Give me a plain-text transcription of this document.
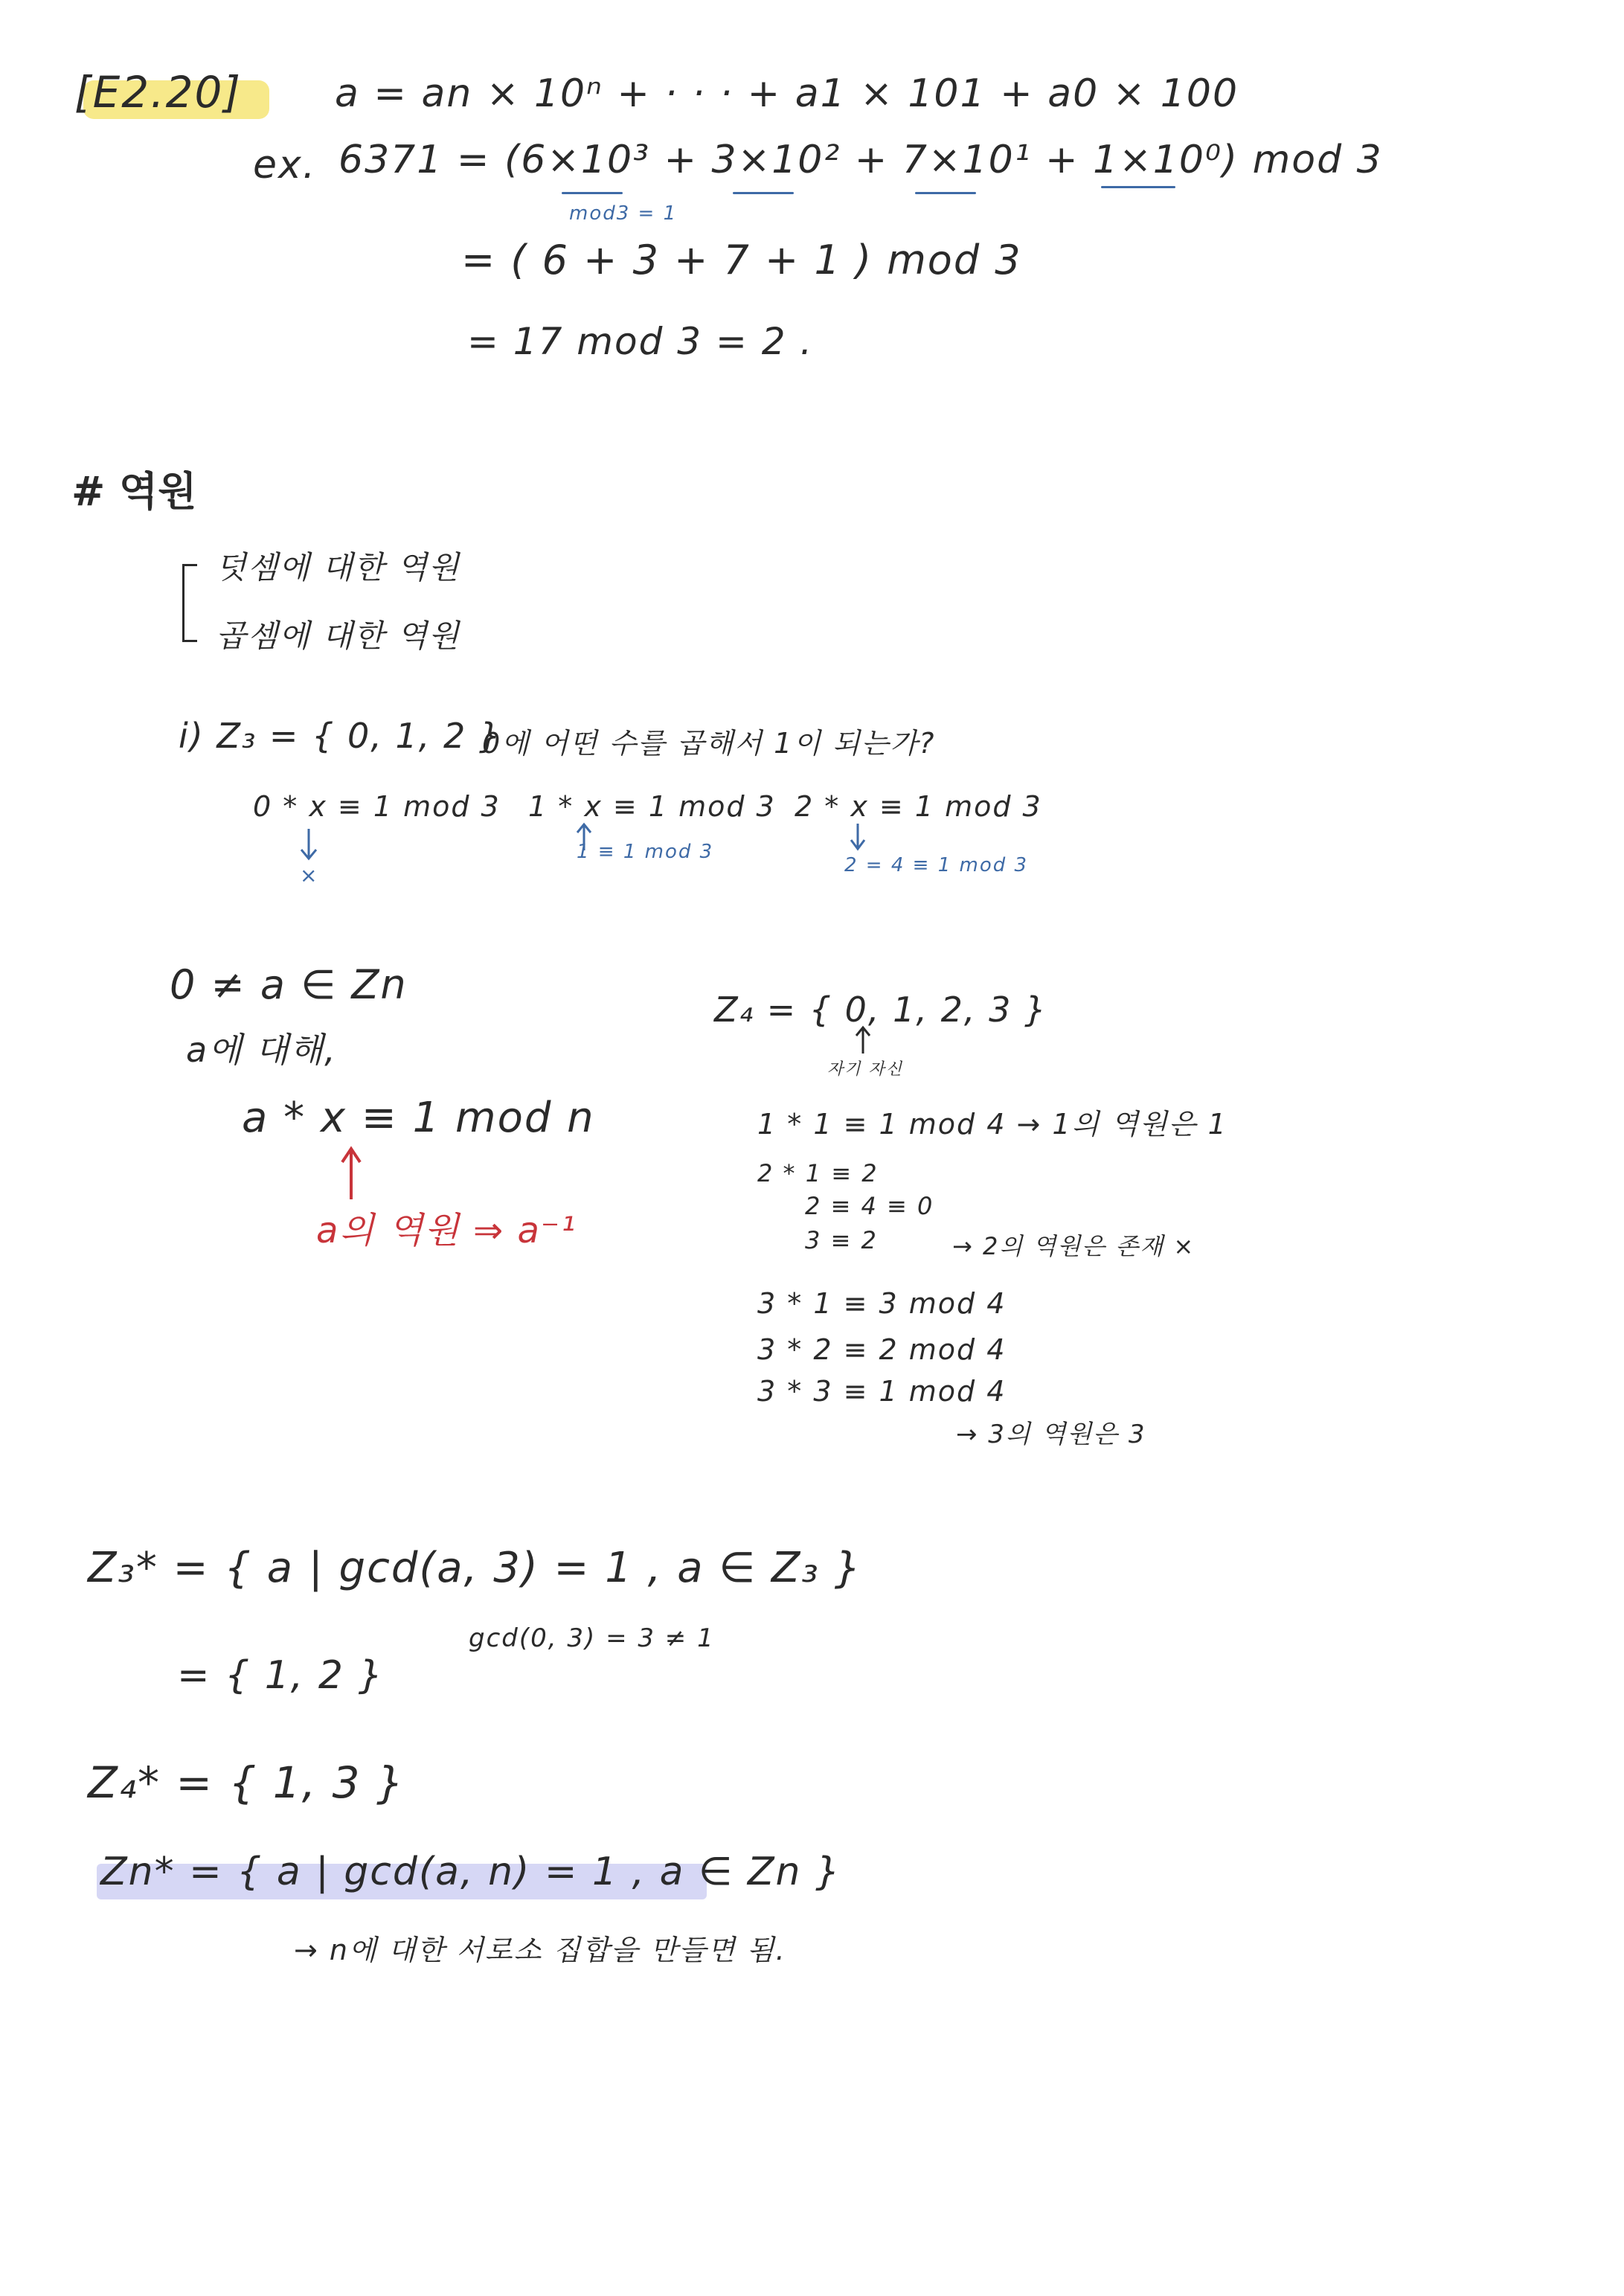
[E2.20] a = an × 10ⁿ + · · · + a1 × 101 + a0 × 100
ex. 6371 = (6×10³ + 3×10² + 7×10¹ + 1×10⁰) mod 3
mod3 = 1
= ( 6 + 3 + 7 + 1 ) mod 3
= 17 mod 3 = 2 .
# 역원
덧셈에 대한 역원
곱셈에 대한 역원
i) Z₃ = { 0, 1, 2 }
0에 어떤 수를 곱해서 1이 되는가?
0 * x ≡ 1 mod 3 1 * x ≡ 1 mod 3 2 * x ≡ 1 mod 3
×
1 ≡ 1 mod 3
2 = 4 ≡ 1 mod 3
0 ≠ a ∈ Zn
a에 대해,
a * x ≡ 1 mod n
a의 역원 ⇒ a⁻¹
Z₄ = { 0, 1, 2, 3 }
자기 자신
1 * 1 ≡ 1 mod 4 → 1의 역원은 1
2 * 1 ≡ 2
2 ≡ 4 ≡ 0
3 ≡ 2	→ 2의 역원은 존재 ×
3 * 1 ≡ 3 mod 4
3 * 2 ≡ 2 mod 4
3 * 3 ≡ 1 mod 4
→ 3의 역원은 3
Z₃* = { a | gcd(a, 3) = 1 , a ∈ Z₃ }
gcd(0, 3) = 3 ≠ 1
= { 1, 2 }
Z₄* = { 1, 3 }
Zn* = { a | gcd(a, n) = 1 , a ∈ Zn }
→ n에 대한 서로소 집합을 만들면 됨.
